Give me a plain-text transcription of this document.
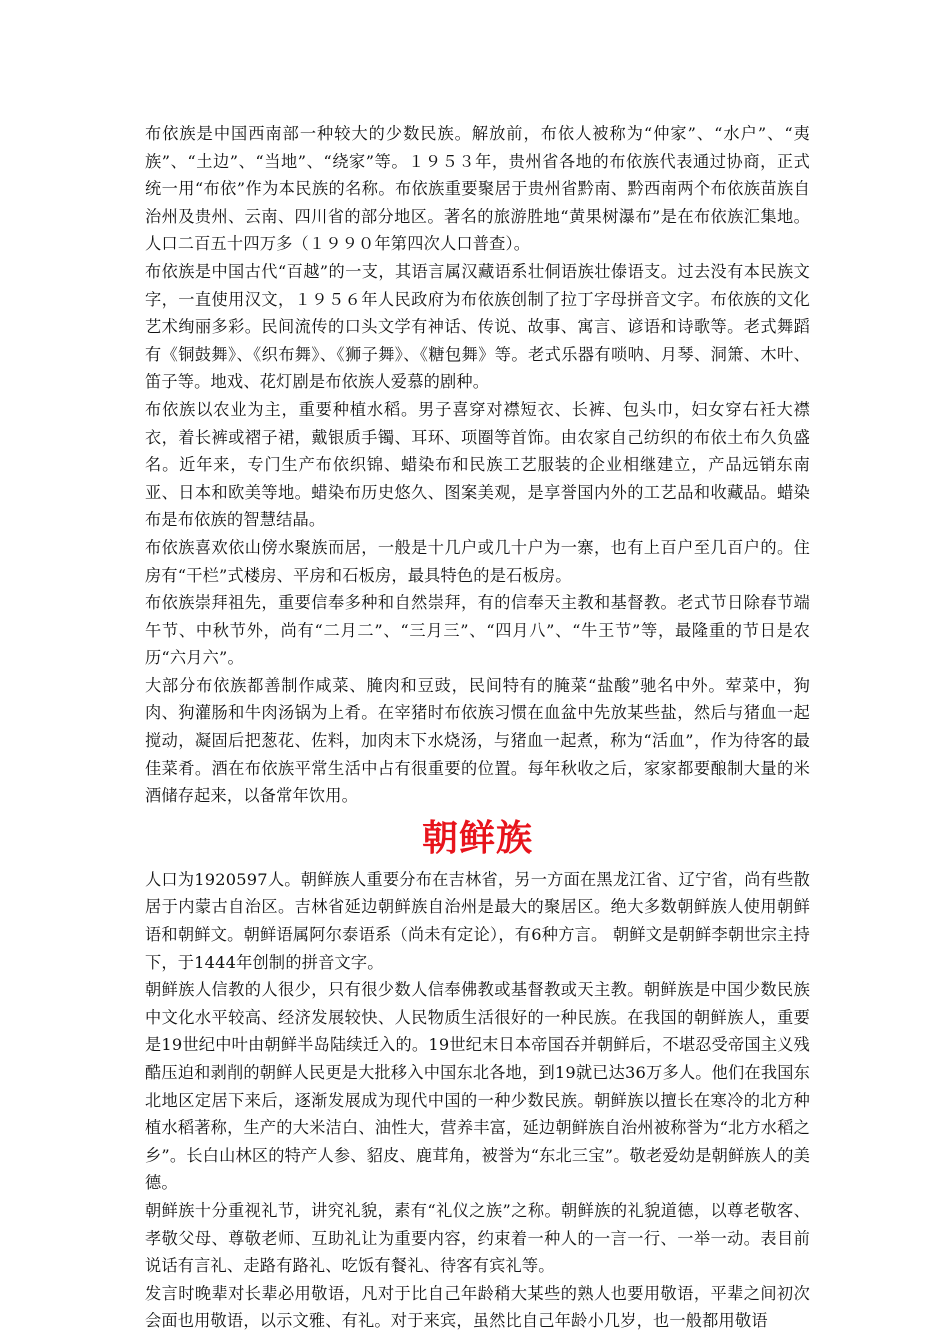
布依族是中国西南部一种较大的少数民族。解放前，布依人被称为“仲家”、“水户”、“夷族”、“土边”、“当地”、“绕家”等。１９５３年，贵州省各地的布依族代表通过协商，正式统一用“布依”作为本民族的名称。布依族重要聚居于贵州省黔南、黔西南两个布依族苗族自治州及贵州、云南、四川省的部分地区。著名的旅游胜地“黄果树瀑布”是在布依族汇集地。人口二百五十四万多（１９９０年第四次人口普查）。

布依族是中国古代“百越”的一支，其语言属汉藏语系壮侗语族壮傣语支。过去没有本民族文字，一直使用汉文，１９５６年人民政府为布依族创制了拉丁字母拼音文字。布依族的文化艺术绚丽多彩。民间流传的口头文学有神话、传说、故事、寓言、谚语和诗歌等。老式舞蹈有《铜鼓舞》、《织布舞》、《狮子舞》、《糖包舞》等。老式乐器有唢呐、月琴、洞箫、木叶、笛子等。地戏、花灯剧是布依族人爱慕的剧种。

布依族以农业为主，重要种植水稻。男子喜穿对襟短衣、长裤、包头巾，妇女穿右衽大襟衣，着长裤或褶子裙，戴银质手镯、耳环、项圈等首饰。由农家自己纺织的布依土布久负盛名。近年来，专门生产布依织锦、蜡染布和民族工艺服装的企业相继建立，产品远销东南亚、日本和欧美等地。蜡染布历史悠久、图案美观，是享誉国内外的工艺品和收藏品。蜡染布是布依族的智慧结晶。

布依族喜欢依山傍水聚族而居，一般是十几户或几十户为一寨，也有上百户至几百户的。住房有“干栏”式楼房、平房和石板房，最具特色的是石板房。

布依族崇拜祖先，重要信奉多种和自然崇拜，有的信奉天主教和基督教。老式节日除春节端午节、中秋节外，尚有“二月二”、“三月三”、“四月八”、“牛王节”等，最隆重的节日是农历“六月六”。

大部分布依族都善制作咸菜、腌肉和豆豉，民间特有的腌菜“盐酸”驰名中外。荤菜中，狗肉、狗灌肠和牛肉汤锅为上肴。在宰猪时布依族习惯在血盆中先放某些盐，然后与猪血一起搅动，凝固后把葱花、佐料，加肉末下水烧汤，与猪血一起煮，称为“活血”，作为待客的最佳菜肴。酒在布依族平常生活中占有很重要的位置。每年秋收之后，家家都要酿制大量的米酒储存起来，以备常年饮用。

朝鲜族

人口为1920597人。朝鲜族人重要分布在吉林省，另一方面在黑龙江省、辽宁省，尚有些散居于内蒙古自治区。吉林省延边朝鲜族自治州是最大的聚居区。绝大多数朝鲜族人使用朝鲜语和朝鲜文。朝鲜语属阿尔泰语系（尚未有定论），有6种方言。 朝鲜文是朝鲜李朝世宗主持下，于1444年创制的拼音文字。

朝鲜族人信教的人很少，只有很少数人信奉佛教或基督教或天主教。朝鲜族是中国少数民族中文化水平较高、经济发展较快、人民物质生活很好的一种民族。在我国的朝鲜族人，重要是19世纪中叶由朝鲜半岛陆续迁入的。19世纪末日本帝国吞并朝鲜后，不堪忍受帝国主义残酷压迫和剥削的朝鲜人民更是大批移入中国东北各地，到19就已达36万多人。他们在我国东北地区定居下来后，逐渐发展成为现代中国的一种少数民族。朝鲜族以擅长在寒冷的北方种植水稻著称，生产的大米洁白、油性大，营养丰富，延边朝鲜族自治州被称誉为“北方水稻之乡”。长白山林区的特产人参、貂皮、鹿茸角，被誉为“东北三宝”。敬老爱幼是朝鲜族人的美德。

朝鲜族十分重视礼节，讲究礼貌，素有“礼仪之族”之称。朝鲜族的礼貌道德，以尊老敬客、孝敬父母、尊敬老师、互助礼让为重要内容，约束着一种人的一言一行、一举一动。表目前说话有言礼、走路有路礼、吃饭有餐礼、待客有宾礼等。

发言时晚辈对长辈必用敬语，凡对于比自己年龄稍大某些的熟人也要用敬语，平辈之间初次会面也用敬语，以示文雅、有礼。对于来宾，虽然比自己年龄小几岁，也一般都用敬语
